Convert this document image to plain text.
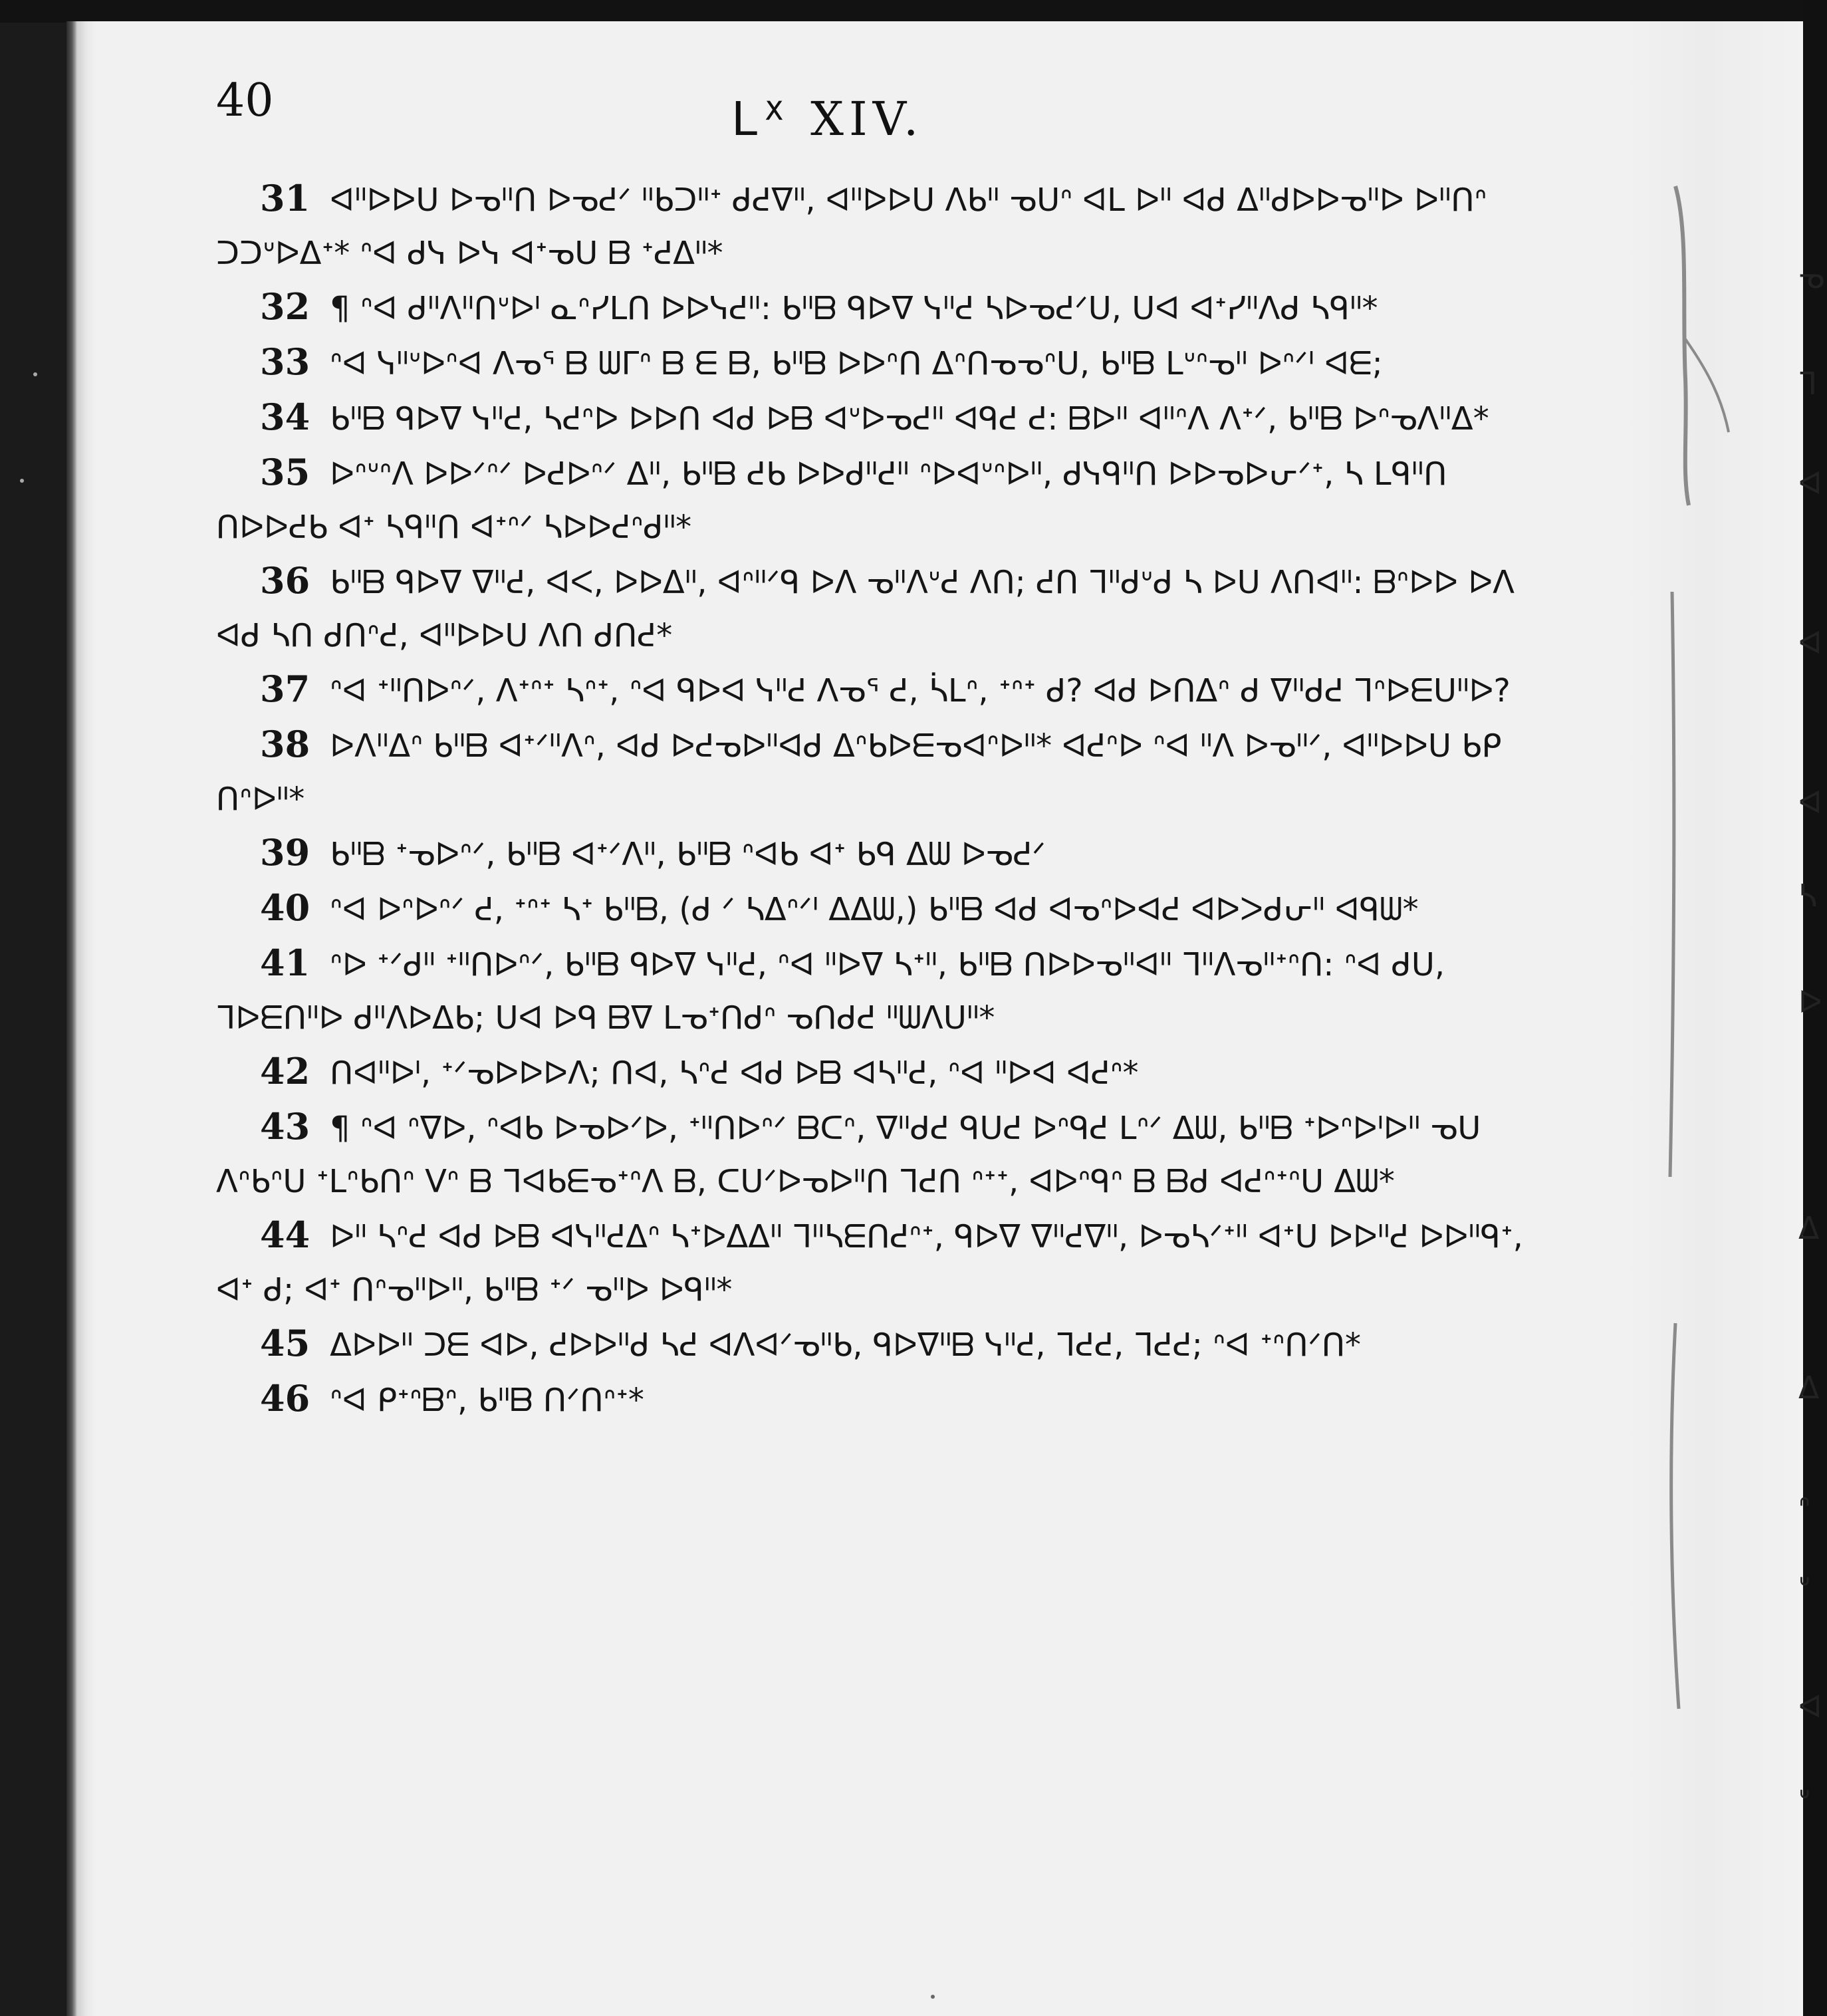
40	ᒪᕽ XIV.
31 ᐊᐦᐅᐅᑌ ᐅᓀᐦᑎ ᐅᓀᕍᐟ ᐦᑲᑐᐦᐩ ᑯᕍᐁᐦ, ᐊᐦᐅᐅᑌ ᐱᑲᐦ ᓀᑌᐢ ᐊᒪ ᐅᐦ ᐊᑯ ᐃᐦᑯᐅᐅᓀᐦᐅ ᐅᐦᑎᐢ ᑐᑐᐡᐅᐃᐩ* ᐢᐊ ᑯᓭ ᐅᓭ ᐊᐩᓀᑌ ᗷ ᐩᕍᐃᐦ*
32 ¶ ᐢᐊ ᑯᐦᐱᐦᑎᐡᐅᑊ ᓇᐢᓯᒪᑎ ᐅᐅᓭᕍᐦ: ᑲᐦᗷ ᑫᐅᐁ ᓭᐦᕍ ᓴᐅᓀᕍᐟᑌ, ᑌᐊ ᐊᐩᓯᐦᐱᑯ ᓴᑫᐦ*
33 ᐢᐊ ᓭᐦᐡᐅᐢᐊ ᐱᓀᕐ ᗷ ᗯᒥᐢ ᗷ ᗴ ᗷ, ᑲᐦᗷ ᐅᐅᐢᑎ ᐃᐢᑎᓀᓀᐢᑌ, ᑲᐦᗷ ᒪᐡᐢᓀᐦ ᐅᐢᐟᑊ ᐊᗴ;
34 ᑲᐦᗷ ᑫᐅᐁ ᓭᐦᕍ, ᓴᕍᐢᐅ ᐅᐅᑎ ᐊᑯ ᐅᗷ ᐊᐡᐅᓀᕍᐦ ᐊᑫᕍ ᕍ: ᗷᐅᐦ ᐊᐦᐢᐱ ᐱᐩᐟ, ᑲᐦᗷ ᐅᐢᓀᐱᐦᐃ*
35 ᐅᐢᐡᐢᐱ ᐅᐅᐟᐢᐟ ᐅᕍᐅᐢᐟ ᐃᐦ, ᑲᐦᗷ ᕍᑲ ᐅᐅᑯᐦᕍᐦ ᐢᐅᐊᐡᐢᐅᐦ, ᑯᓭᑫᐦᑎ ᐅᐅᓀᐅᕂᐟᐩ, ᓴ ᒪᑫᐦᑎ ᑎᐅᐅᕍᑲ ᐊᐩ ᓴᑫᐦᑎ ᐊᐩᐢᐟ ᓴᐅᐅᕍᐢᑯᐦ*
36 ᑲᐦᗷ ᑫᐅᐁ ᐁᐦᕍ, ᐊᐸ, ᐅᐅᐃᐦ, ᐊᐢᐦᐟᑫ ᐅᐱ ᓀᐦᐱᐡᕍ ᐱᑎ; ᕍᑎ ᒣᐦᑯᐡᑯ ᓴ ᐅᑌ ᐱᑎᐊᐦ: ᗷᐢᐅᐅ ᐅᐱ ᐊᑯ ᓴᑎ ᑯᑎᐢᕍ, ᐊᐦᐅᐅᑌ ᐱᑎ ᑯᑎᕍ*
37 ᐢᐊ ᐩᐦᑎᐅᐢᐟ, ᐱᐩᐢᐩ ᓴᐢᐩ, ᐢᐊ ᑫᐅᐊ ᓭᐦᕍ ᐱᓀᕐ ᕍ, ᓵᒪᐢ, ᐩᐢᐩ ᑯ? ᐊᑯ ᐅᑎᐃᐢ ᑯ ᐁᐦᑯᕍ ᒣᐢᐅᗴᑌᐦᐅ?
38 ᐅᐱᐦᐃᐢ ᑲᐦᗷ ᐊᐩᐟᐦᐱᐢ, ᐊᑯ ᐅᕍᓀᐅᐦᐊᑯ ᐃᐢᑲᐅᗴᓀᐊᐢᐅᐦ* ᐊᕍᐢᐅ ᐢᐊ ᐦᐱ ᐅᓀᐦᐟ, ᐊᐦᐅᐅᑌ ᑲᑭ ᑎᐢᐅᐦ*
39 ᑲᐦᗷ ᐩᓀᐅᐢᐟ, ᑲᐦᗷ ᐊᐩᐟᐱᐦ, ᑲᐦᗷ ᐢᐊᑲ ᐊᐩ ᑲᑫ ᐃᗯ ᐅᓀᕍᐟ
40 ᐢᐊ ᐅᐢᐅᐢᐟ ᕍ, ᐩᐢᐩ ᓴᐩ ᑲᐦᗷ, (ᑯ ᐟ ᓴᐃᐢᐟᑊ ᐃᐃᗯ,) ᑲᐦᗷ ᐊᑯ ᐊᓀᐢᐅᐊᕍ ᐊᐅᐳᑯᕂᐦ ᐊᑫᗯ*
41 ᐢᐅ ᐩᐟᑯᐦ ᐩᐦᑎᐅᐢᐟ, ᑲᐦᗷ ᑫᐅᐁ ᓭᐦᕍ, ᐢᐊ ᐦᐅᐁ ᓴᐩᐦ, ᑲᐦᗷ ᑎᐅᐅᓀᐦᐊᐦ ᒣᐦᐱᓀᐦᐩᐢᑎ: ᐢᐊ ᑯᑌ, ᒣᐅᗴᑎᐦᐅ ᑯᐦᐱᐅᐃᑲ; ᑌᐊ ᐅᑫ ᗷᐁ ᒪᓀᐩᑎᑯᐢ ᓀᑎᑯᕍ ᐦᗯᐱᑌᐦ*
42 ᑎᐊᐦᐅᑊ, ᐩᐟᓀᐅᐅᐅᐱ; ᑎᐊ, ᓴᐢᕍ ᐊᑯ ᐅᗷ ᐊᓴᐦᕍ, ᐢᐊ ᐦᐅᐊ ᐊᕍᐢ*
43 ¶ ᐢᐊ ᐢᐁᐅ, ᐢᐊᑲ ᐅᓀᐅᐟᐅ, ᐩᐦᑎᐅᐢᐟ ᗷᑕᐢ, ᐁᐦᑯᕍ ᑫᑌᕍ ᐅᐢᑫᕍ ᒪᐢᐟ ᐃᗯ, ᑲᐦᗷ ᐩᐅᐢᐅᑊᐅᐦ ᓀᑌ ᐱᐢᑲᐢᑌ ᐩᒪᐢᑲᑎᐢ ᐯᐢ ᗷ ᒣᐊᑲᗴᓀᐩᐢᐱ ᗷ, ᑕᑌᐟᐅᓀᐅᐦᑎ ᒣᕍᑎ ᐢᐩᐩ, ᐊᐅᐢᑫᐢ ᗷ ᗷᑯ ᐊᕍᐢᐩᐢᑌ ᐃᗯ*
44 ᐅᐦ ᓴᐢᕍ ᐊᑯ ᐅᗷ ᐊᓭᐦᕍᐃᐢ ᓴᐩᐅᐃᐃᐦ ᒣᐦᓴᗴᑎᕍᐢᐩ, ᑫᐅᐁ ᐁᐦᕍᐁᐦ, ᐅᓀᓴᐟᐩᐦ ᐊᐩᑌ ᐅᐅᐦᕍ ᐅᐅᐦᑫᐩ, ᐊᐩ ᑯ; ᐊᐩ ᑎᐢᓀᐦᐅᐦ, ᑲᐦᗷ ᐩᐟ ᓀᐦᐅ ᐅᑫᐦ*
45 ᐃᐅᐅᐦ ᑐᗴ ᐊᐅ, ᕍᐅᐅᐦᑯ ᓴᕍ ᐊᐱᐊᐟᓀᐦᑲ, ᑫᐅᐁᐦᗷ ᓭᐦᕍ, ᒣᕍᕍ, ᒣᕍᕍ; ᐢᐊ ᐩᐢᑎᐟᑎ*
46 ᐢᐊ ᑭᐩᐢᗷᐢ, ᑲᐦᗷ ᑎᐟᑎᐢᐩ*
ᓀ
ᒣ
ᐊ
ᐊ
ᐊ
ᓴ
ᐅ
ᐃ
ᐃ
ᐢ
ᐡ
ᐊ
ᐡ
